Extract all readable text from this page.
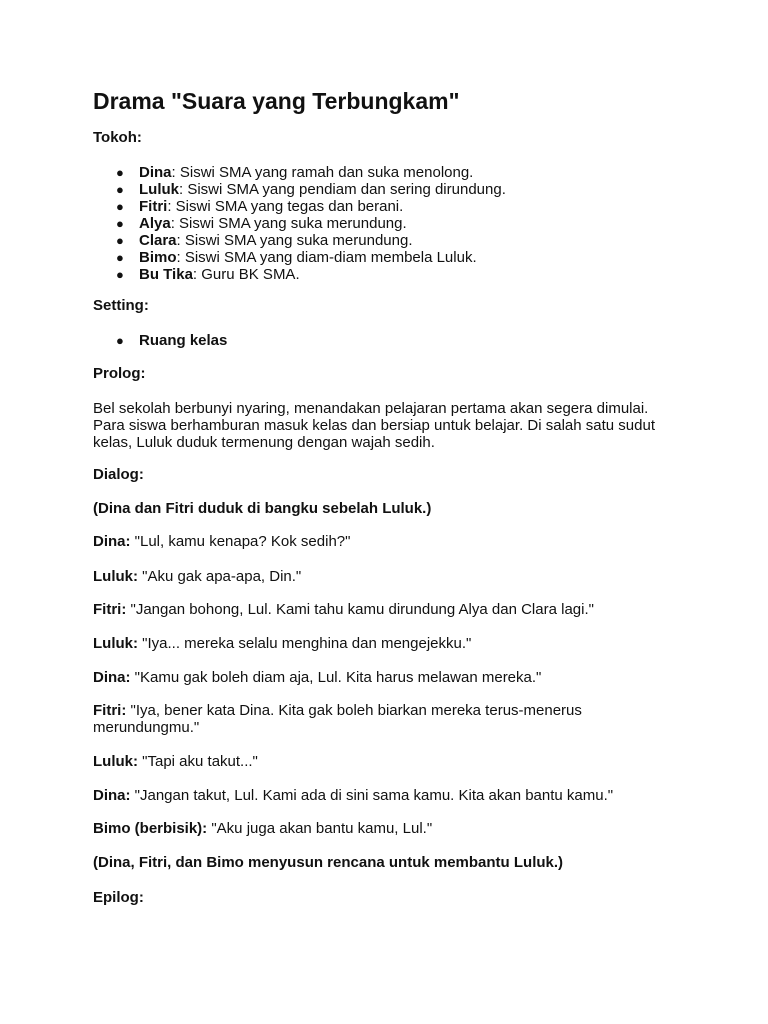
Drama "Suara yang Terbungkam"

Tokoh:

● Dina: Siswi SMA yang ramah dan suka menolong.
● Luluk: Siswi SMA yang pendiam dan sering dirundung.
● Fitri: Siswi SMA yang tegas dan berani.
● Alya: Siswi SMA yang suka merundung.
● Clara: Siswi SMA yang suka merundung.
● Bimo: Siswi SMA yang diam-diam membela Luluk.
● Bu Tika: Guru BK SMA.

Setting:

● Ruang kelas

Prolog:

Bel sekolah berbunyi nyaring, menandakan pelajaran pertama akan segera dimulai.
Para siswa berhamburan masuk kelas dan bersiap untuk belajar. Di salah satu sudut
kelas, Luluk duduk termenung dengan wajah sedih.

Dialog:

(Dina dan Fitri duduk di bangku sebelah Luluk.)

Dina: "Lul, kamu kenapa? Kok sedih?"

Luluk: "Aku gak apa-apa, Din."

Fitri: "Jangan bohong, Lul. Kami tahu kamu dirundung Alya dan Clara lagi."

Luluk: "Iya... mereka selalu menghina dan mengejekku."

Dina: "Kamu gak boleh diam aja, Lul. Kita harus melawan mereka."

Fitri: "Iya, bener kata Dina. Kita gak boleh biarkan mereka terus-menerus
merundungmu."

Luluk: "Tapi aku takut..."

Dina: "Jangan takut, Lul. Kami ada di sini sama kamu. Kita akan bantu kamu."

Bimo (berbisik): "Aku juga akan bantu kamu, Lul."

(Dina, Fitri, dan Bimo menyusun rencana untuk membantu Luluk.)

Epilog:
